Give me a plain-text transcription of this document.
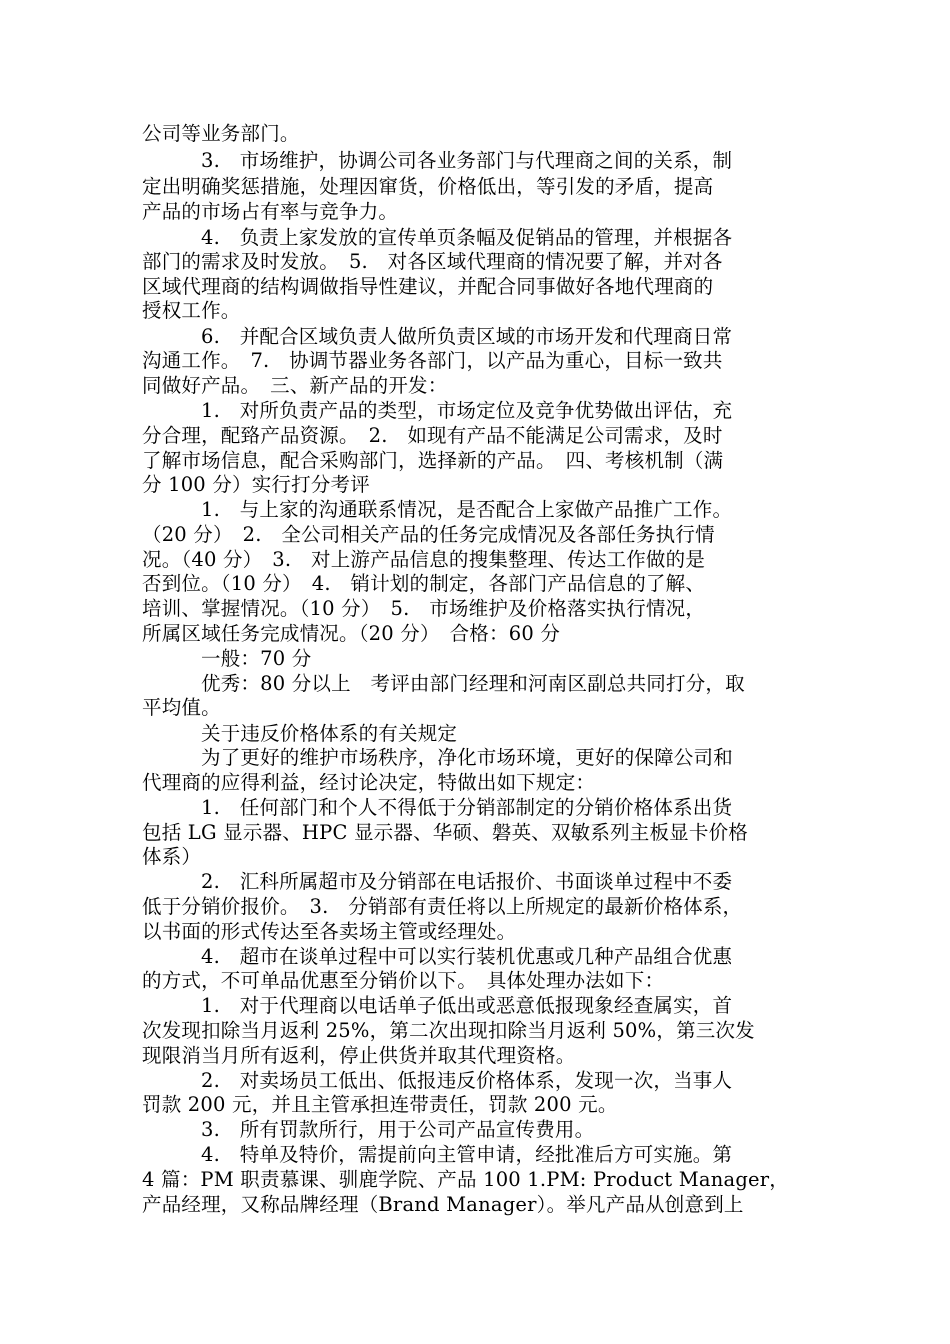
公司等业务部门。
3.　市场维护，协调公司各业务部门与代理商之间的关系，制
定出明确奖惩措施，处理因窜货，价格低出，等引发的矛盾，提高
产品的市场占有率与竞争力。
4.　负责上家发放的宣传单页条幅及促销品的管理，并根据各
部门的需求及时发放。　5.　对各区域代理商的情况要了解，并对各
区域代理商的结构调做指导性建议，并配合同事做好各地代理商的
授权工作。
6.　并配合区域负责人做所负责区域的市场开发和代理商日常
沟通工作。　7.　协调节器业务各部门，以产品为重心，目标一致共
同做好产品。　三、新产品的开发：
1.　对所负责产品的类型，市场定位及竞争优势做出评估，充
分合理，配臵产品资源。　2.　如现有产品不能满足公司需求，及时
了解市场信息，配合采购部门，选择新的产品。　四、考核机制（满
分 100 分）实行打分考评
1.　与上家的沟通联系情况，是否配合上家做产品推广工作。
（20 分）　2.　全公司相关产品的任务完成情况及各部任务执行情
况。（40 分）　3.　对上游产品信息的搜集整理、传达工作做的是
否到位。（10 分）　4.　销计划的制定，各部门产品信息的了解、
培训、掌握情况。（10 分）　5.　市场维护及价格落实执行情况，
所属区域任务完成情况。（20 分）　合格：60 分
一般：70 分
优秀：80 分以上　考评由部门经理和河南区副总共同打分，取
平均值。
关于违反价格体系的有关规定
为了更好的维护市场秩序，净化市场环境，更好的保障公司和
代理商的应得利益，经讨论决定，特做出如下规定：
1.　任何部门和个人不得低于分销部制定的分销价格体系出货
包括 LG 显示器、HPC 显示器、华硕、磐英、双敏系列主板显卡价格
体系）
2.　汇科所属超市及分销部在电话报价、书面谈单过程中不委
低于分销价报价。　3.　分销部有责任将以上所规定的最新价格体系，
以书面的形式传达至各卖场主管或经理处。
4.　超市在谈单过程中可以实行装机优惠或几种产品组合优惠
的方式，不可单品优惠至分销价以下。　具体处理办法如下：
1.　对于代理商以电话单子低出或恶意低报现象经查属实，首
次发现扣除当月返利 25%，第二次出现扣除当月返利 50%，第三次发
现限消当月所有返利，停止供货并取其代理资格。
2.　对卖场员工低出、低报违反价格体系，发现一次，当事人
罚款 200 元，并且主管承担连带责任，罚款 200 元。
3.　所有罚款所行，用于公司产品宣传费用。
4.　特单及特价，需提前向主管申请，经批准后方可实施。第
4 篇：PM 职责慕课、驯鹿学院、产品 100 1.PM: Product Manager，
产品经理，又称品牌经理（Brand Manager）。举凡产品从创意到上
